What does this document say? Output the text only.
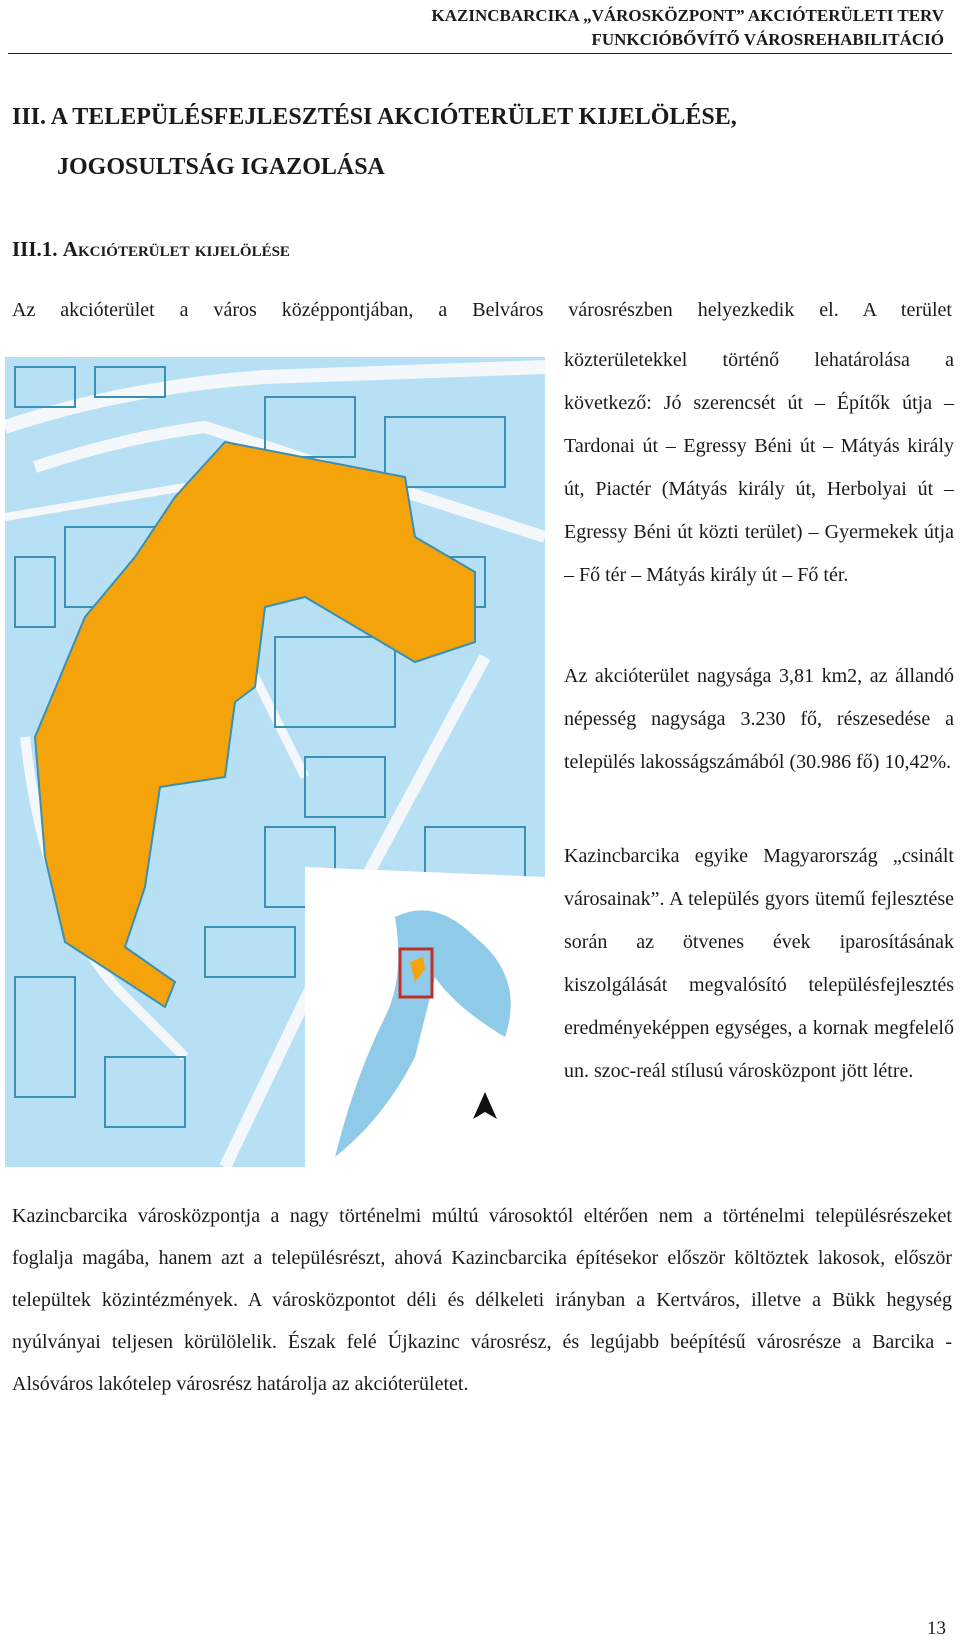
KAZINCBARCIKA „VÁROSKÖZPONT” AKCIÓTERÜLETI TERV
FUNKCIÓBŐVÍTŐ VÁROSREHABILITÁCIÓ
III. A TELEPÜLÉSFEJLESZTÉSI AKCIÓTERÜLET KIJELÖLÉSE,
JOGOSULTSÁG IGAZOLÁSA
III.1. Akcióterület kijelölése
Az akcióterület a város középpontjában, a Belváros városrészben helyezkedik el. A terület

közterületekkel történő lehatárolása a következő: Jó szerencsét út – Építők útja – Tardonai út – Egressy Béni út – Mátyás király út, Piactér (Mátyás király út, Herbolyai út – Egressy Béni út közti terület) – Gyermekek útja – Fő tér – Mátyás király út – Fő tér.

Az akcióterület nagysága 3,81 km2, az állandó népesség nagysága 3.230 fő, részesedése a település lakosságszámából (30.986 fő) 10,42%.

Kazincbarcika egyike Magyarország „csinált városainak”. A település gyors ütemű fejlesztése során az ötvenes évek iparosításának kiszolgálását megvalósító településfejlesztés eredményeképpen egységes, a kornak megfelelő un. szoc-reál stílusú városközpont jött létre.

Kazincbarcika városközpontja a nagy történelmi múltú városoktól eltérően nem a történelmi településrészeket foglalja magába, hanem azt a településrészt, ahová Kazincbarcika építésekor először költöztek lakosok, először települtek közintézmények. A városközpontot déli és délkeleti irányban a Kertváros, illetve a Bükk hegység nyúlványai teljesen körülölelik. Észak felé Újkazinc városrész, és legújabb beépítésű városrésze a Barcika - Alsóváros lakótelep városrész határolja az akcióterületet.
13
